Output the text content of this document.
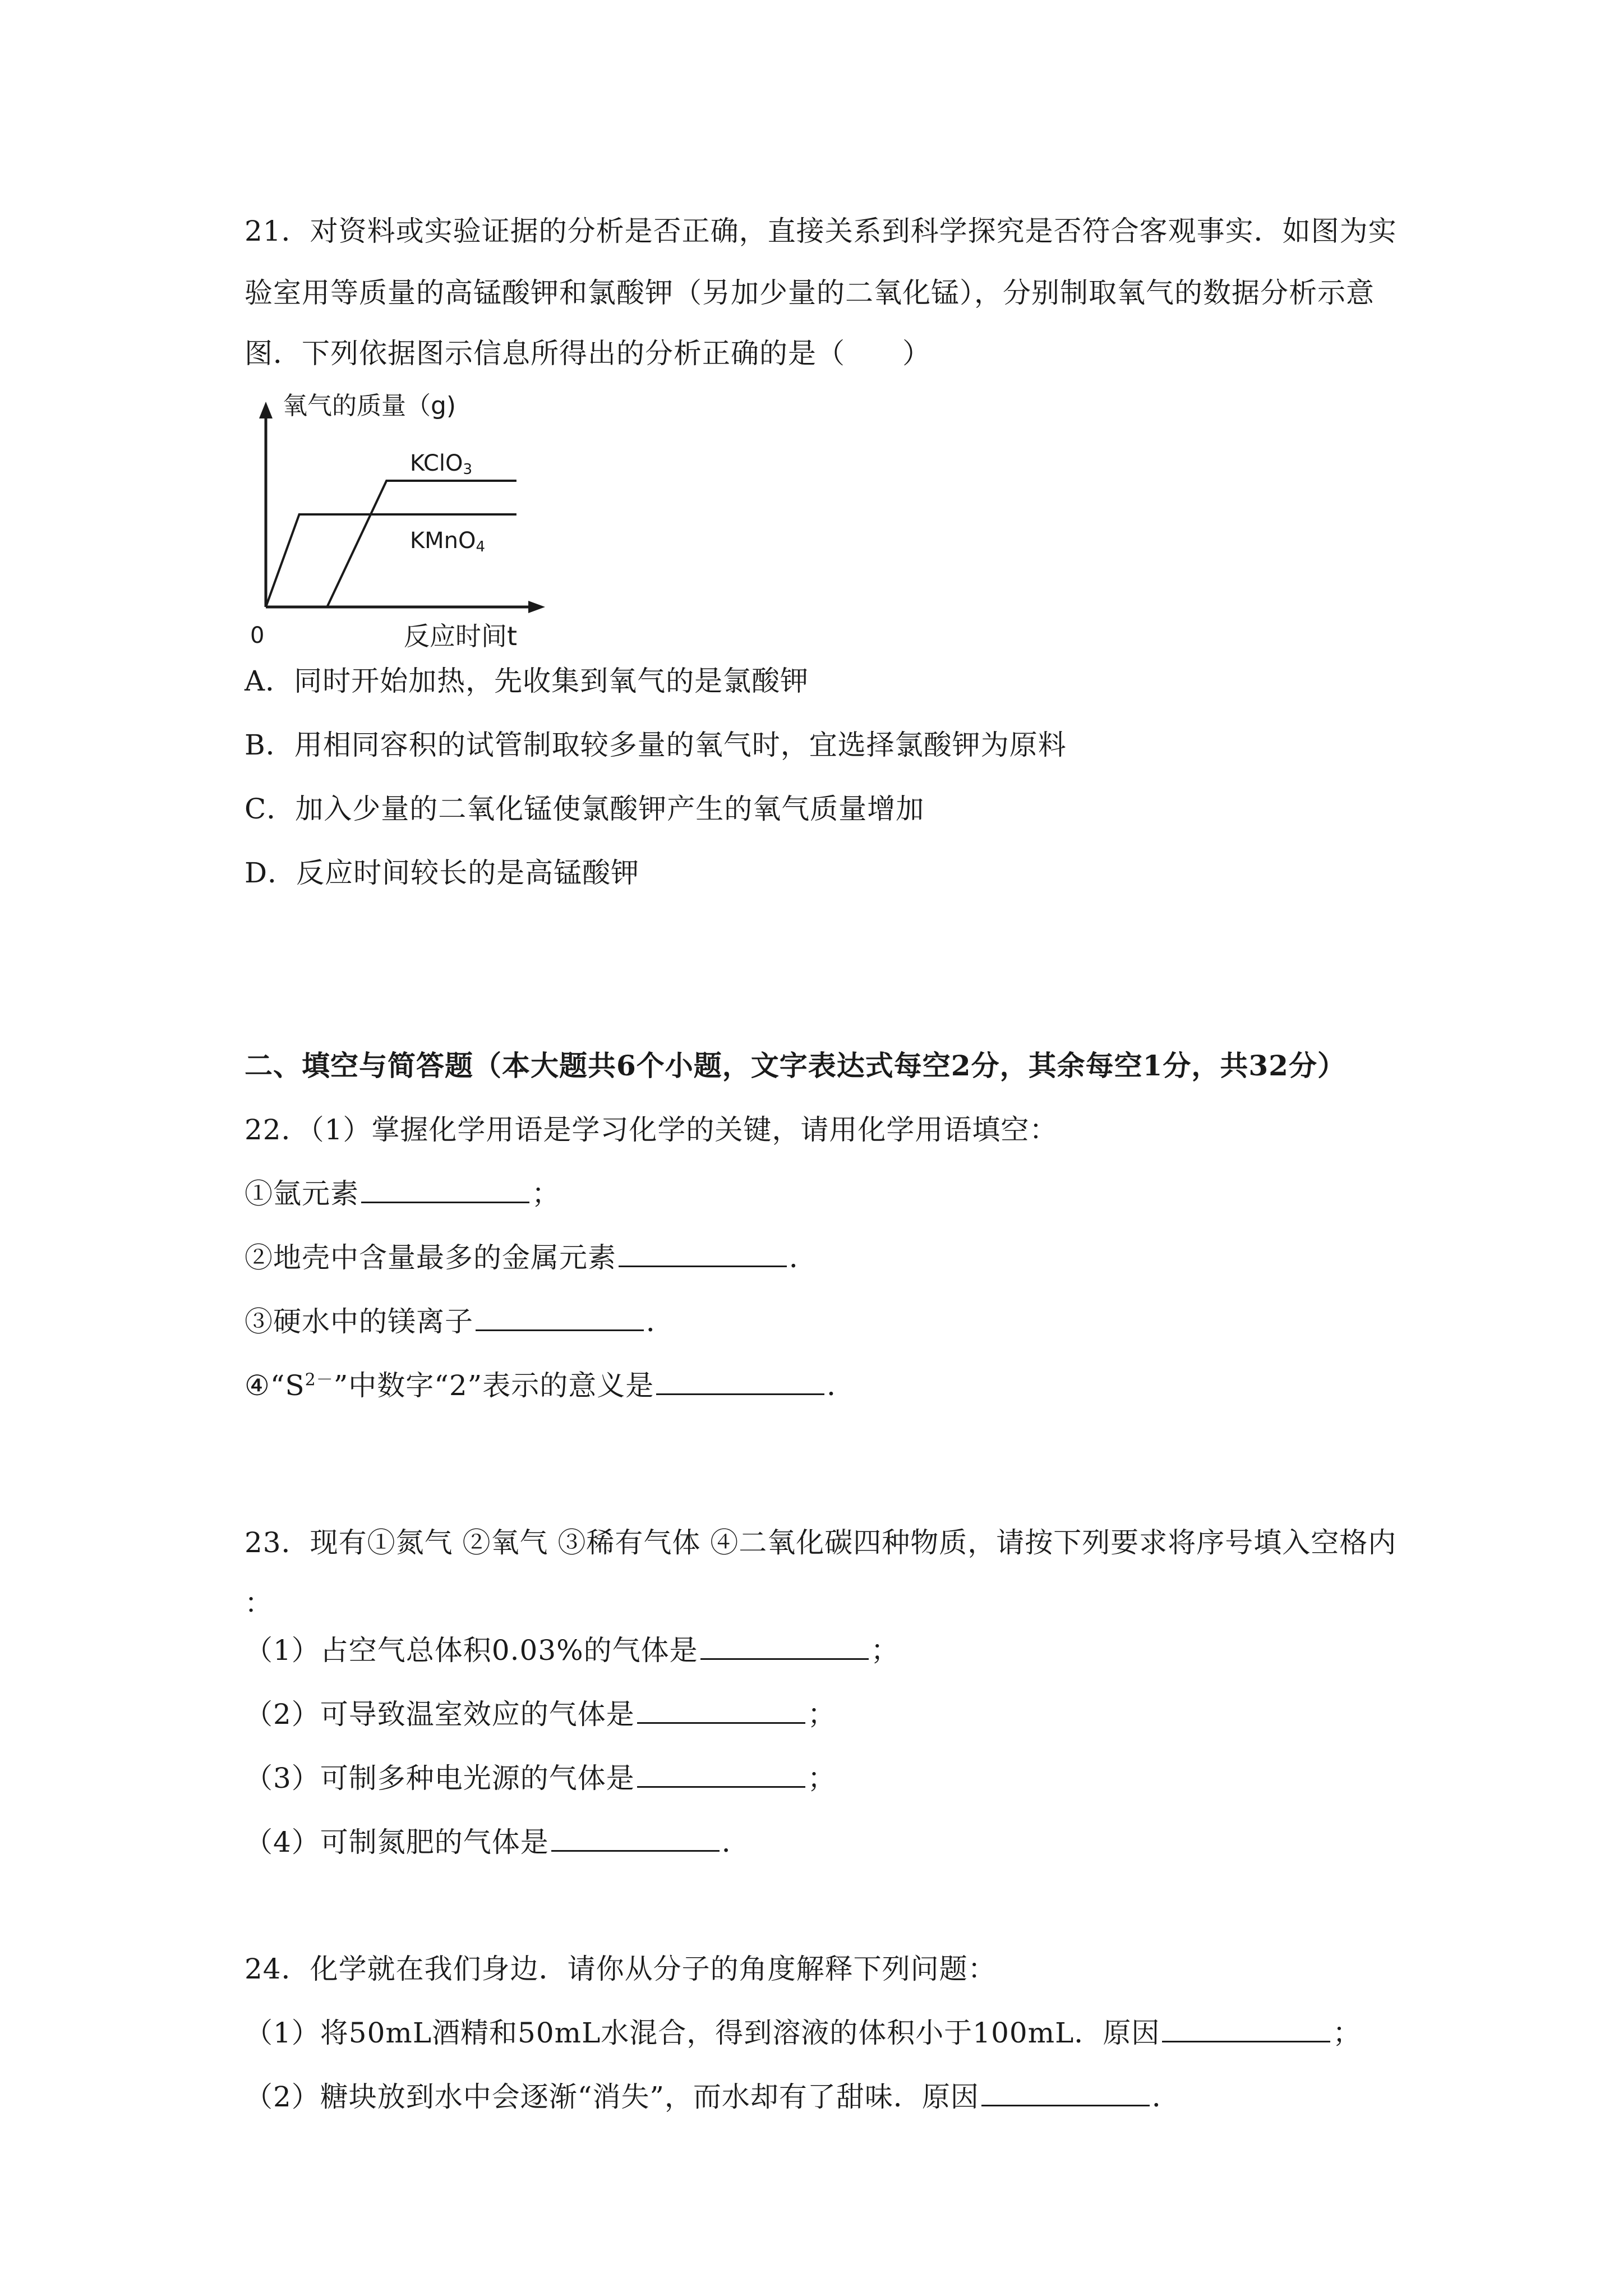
21．对资料或实验证据的分析是否正确，直接关系到科学探究是否符合客观事实．如图为实
验室用等质量的高锰酸钾和氯酸钾（另加少量的二氧化锰），分别制取氧气的数据分析示意
图．下列依据图示信息所得出的分析正确的是（　　）
KClO3
KMnO4
氧气的质量（g)
反应时间t
0
A．同时开始加热，先收集到氧气的是氯酸钾
B．用相同容积的试管制取较多量的氧气时，宜选择氯酸钾为原料
C．加入少量的二氧化锰使氯酸钾产生的氧气质量增加
D．反应时间较长的是高锰酸钾
二、填空与简答题（本大题共6个小题，文字表达式每空2分，其余每空1分，共32分）
22．（1）掌握化学用语是学习化学的关键，请用化学用语填空：
①氩元素	；
②地壳中含量最多的金属元素	．
③硬水中的镁离子	．
$④“S^{2-}$”中数字“2”表示的意义是	．
23．现有①氮气 ②氧气 ③稀有气体 ④二氧化碳四种物质，请按下列要求将序号填入空格内
：
（1）占空气总体积0.03%的气体是	；
（2）可导致温室效应的气体是	；
（3）可制多种电光源的气体是	；
（4）可制氮肥的气体是	．
24．化学就在我们身边．请你从分子的角度解释下列问题：
（1）将50mL酒精和50mL水混合，得到溶液的体积小于100mL．原因	；
（2）糖块放到水中会逐渐“消失”，而水却有了甜味．原因	．
